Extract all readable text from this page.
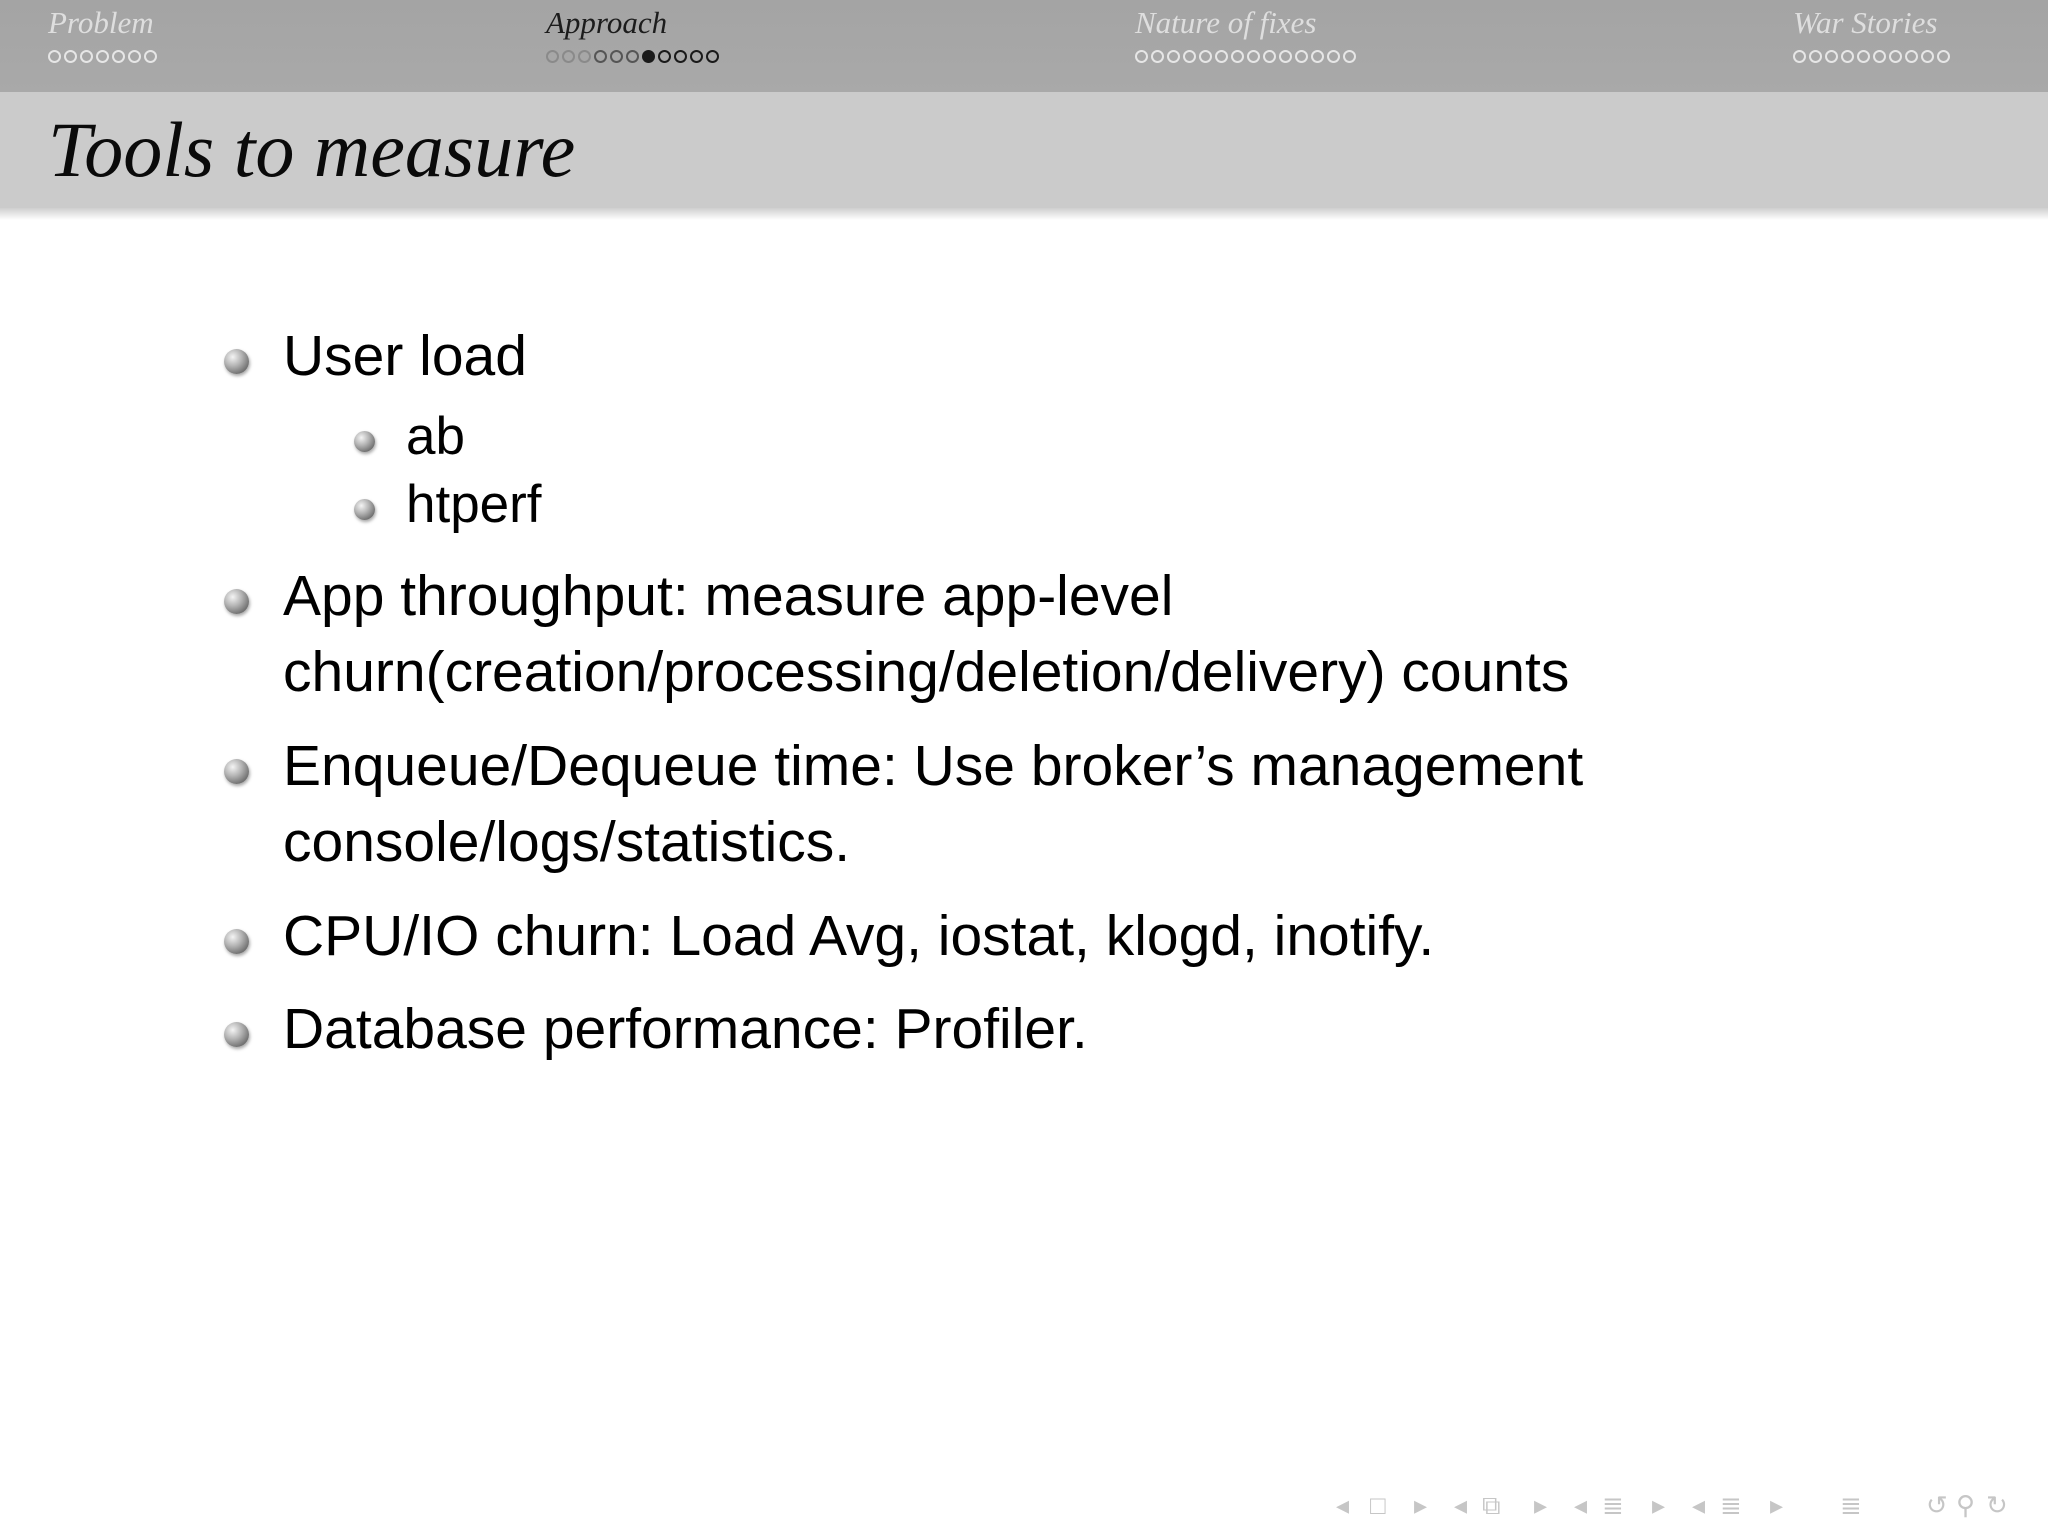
Problem	Approach	Nature of fixes	War Stories
Tools to measure
User load
ab
htperf
App throughput: measure app-level
churn(creation/processing/deletion/delivery) counts
Enqueue/Dequeue time: Use broker’s management
console/logs/statistics.
CPU/IO churn: Load Avg, iostat, klogd, inotify.
Database performance: Profiler.
◂ □ ▸ ◂ ⧉ ▸ ◂ ≣ ▸ ◂ ≣ ▸ ≣ ↺ ⚲ ↻
